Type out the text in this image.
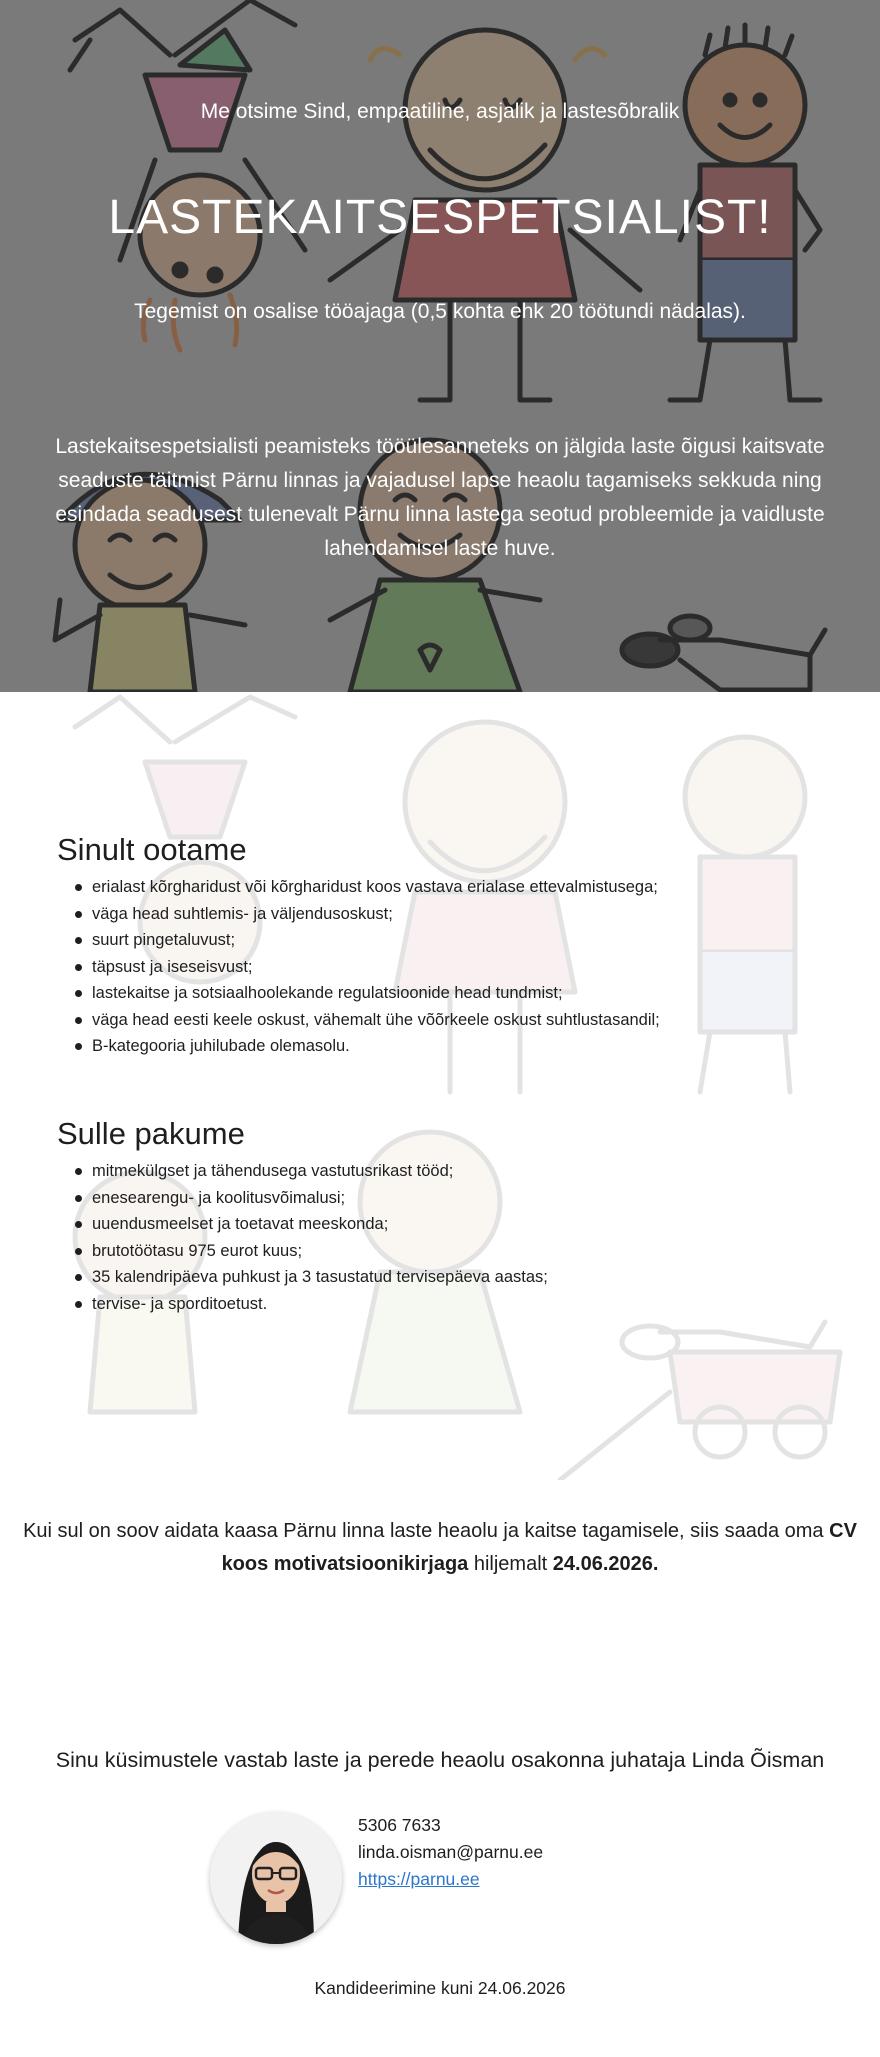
Me otsime Sind, empaatiline, asjalik ja lastesõbralik

LASTEKAITSESPETSIALIST!

Tegemist on osalise tööajaga (0,5 kohta ehk 20 töötundi nädalas).

Lastekaitsespetsialisti peamisteks tööülesanneteks on jälgida laste õigusi kaitsvate seaduste täitmist Pärnu linnas ja vajadusel lapse heaolu tagamiseks sekkuda ning esindada seadusest tulenevalt Pärnu linna lastega seotud probleemide ja vaidluste lahendamisel laste huve.

Sinult ootame
erialast kõrgharidust või kõrgharidust koos vastava erialase ettevalmistusega;
väga head suhtlemis- ja väljendusoskust;
suurt pingetaluvust;
täpsust ja iseseisvust;
lastekaitse ja sotsiaalhoolekande regulatsioonide head tundmist;
väga head eesti keele oskust, vähemalt ühe võõrkeele oskust suhtlustasandil;
B-kategooria juhilubade olemasolu.
Sulle pakume
mitmekülgset ja tähendusega vastutusrikast tööd;
enesearengu- ja koolitusvõimalusi;
uuendusmeelset ja toetavat meeskonda;
brutotöötasu 975 eurot kuus;
35 kalendripäeva puhkust ja 3 tasustatud tervisepäeva aastas;
tervise- ja sporditoetust.

Kui sul on soov aidata kaasa Pärnu linna laste heaolu ja kaitse tagamisele, siis saada oma CV koos motivatsioonikirjaga hiljemalt 24.06.2026.

Sinu küsimustele vastab laste ja perede heaolu osakonna juhataja Linda Õisman

5306 7633
linda.oisman@parnu.ee
https://parnu.ee

Kandideerimine kuni 24.06.2026
